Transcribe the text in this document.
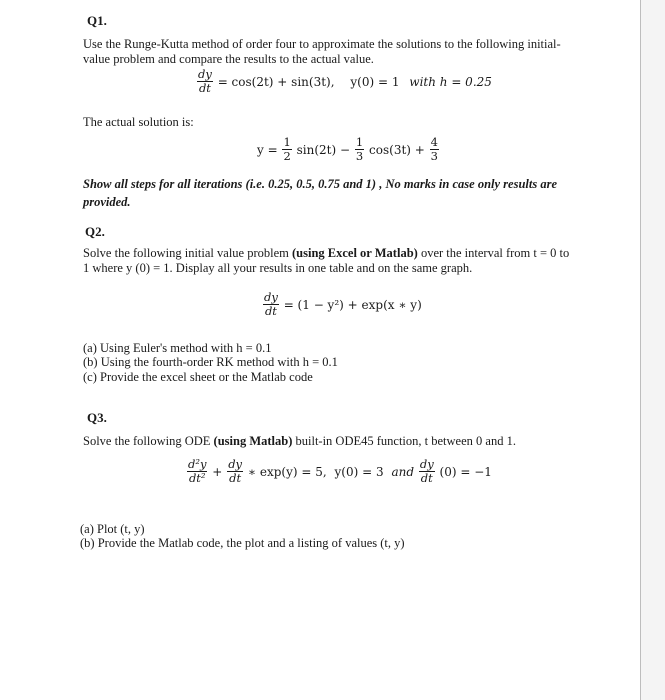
Q1.
Use the Runge-Kutta method of order four to approximate the solutions to the following initial-
value problem and compare the results to the actual value.
$\frac{dy}{dt} = \cos(2t) + \sin(3t)$, y(0) = 1 with h = 0.25
The actual solution is:
$y = \frac{1}{2} \sin(2t) - \frac{1}{3} \cos(3t) + \frac{4}{3}$
Show all steps for all iterations (i.e. 0.25, 0.5, 0.75 and 1) , No marks in case only results are
provided.
Q2.
Solve the following initial value problem (using Excel or Matlab) over the interval from t = 0 to
1 where y (0) = 1. Display all your results in one table and on the same graph.
$\frac{dy}{dt} = (1 - y^2) + \exp(x$ ∗ y)
(a) Using Euler's method with h = 0.1
(b) Using the fourth-order RK method with h = 0.1
(c) Provide the excel sheet or the Matlab code
Q3.
Solve the following ODE (using Matlab) built-in ODE45 function, t between 0 and 1.
$\frac{\text{d²y}}{\text{dt²}} + \frac{dy}{dt}$ ∗ exp(y) = 5, y(0) = 3 and $\frac{dy}{dt} (0) = -1$
(a) Plot (t, y)
(b) Provide the Matlab code, the plot and a listing of values (t, y)
